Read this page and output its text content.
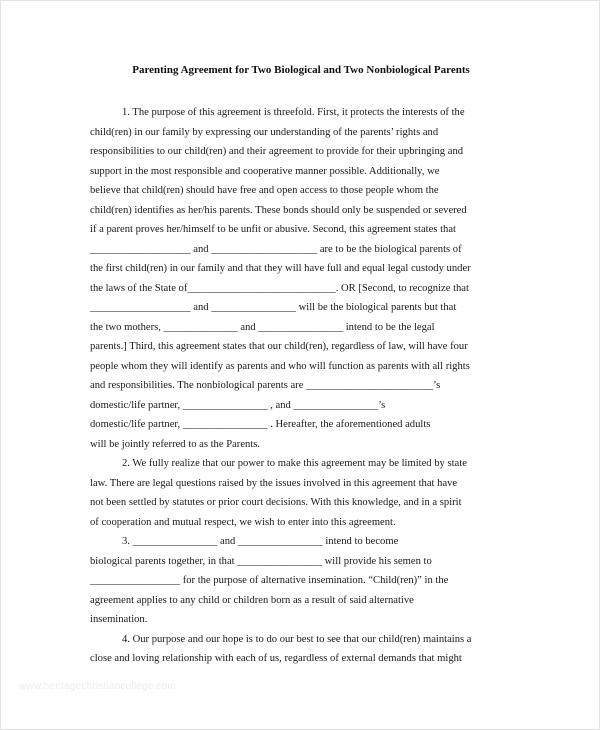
Parenting Agreement for Two Biological and Two Nonbiological Parents
1. The purpose of this agreement is threefold. First, it protects the interests of the
child(ren) in our family by expressing our understanding of the parents’ rights and
responsibilities to our child(ren) and their agreement to provide for their upbringing and
support in the most responsible and cooperative manner possible. Additionally, we
believe that child(ren) should have free and open access to those people whom the
child(ren) identifies as her/his parents. These bonds should only be suspended or severed
if a parent proves her/himself to be unfit or abusive. Second, this agreement states that
___________________ and ____________________ are to be the biological parents of
the first child(ren) in our family and that they will have full and equal legal custody under
the laws of the State of____________________________. OR [Second, to recognize that
___________________ and ________________ will be the biological parents but that
the two mothers, ______________ and ________________ intend to be the legal
parents.] Third, this agreement states that our child(ren), regardless of law, will have four
people whom they will identify as parents and who will function as parents with all rights
and responsibilities. The nonbiological parents are ________________________’s
domestic/life partner, ________________ , and ________________’s
domestic/life partner, ________________ . Hereafter, the aforementioned adults
will be jointly referred to as the Parents.
2. We fully realize that our power to make this agreement may be limited by state
law. There are legal questions raised by the issues involved in this agreement that have
not been settled by statutes or prior court decisions. With this knowledge, and in a spirit
of cooperation and mutual respect, we wish to enter into this agreement.
3. ________________ and ________________ intend to become
biological parents together, in that ________________ will provide his semen to
_________________ for the purpose of alternative insemination. “Child(ren)” in the
agreement applies to any child or children born as a result of said alternative
insemination.
4. Our purpose and our hope is to do our best to see that our child(ren) maintains a
close and loving relationship with each of us, regardless of external demands that might
www.heritagechristiancollege.com
